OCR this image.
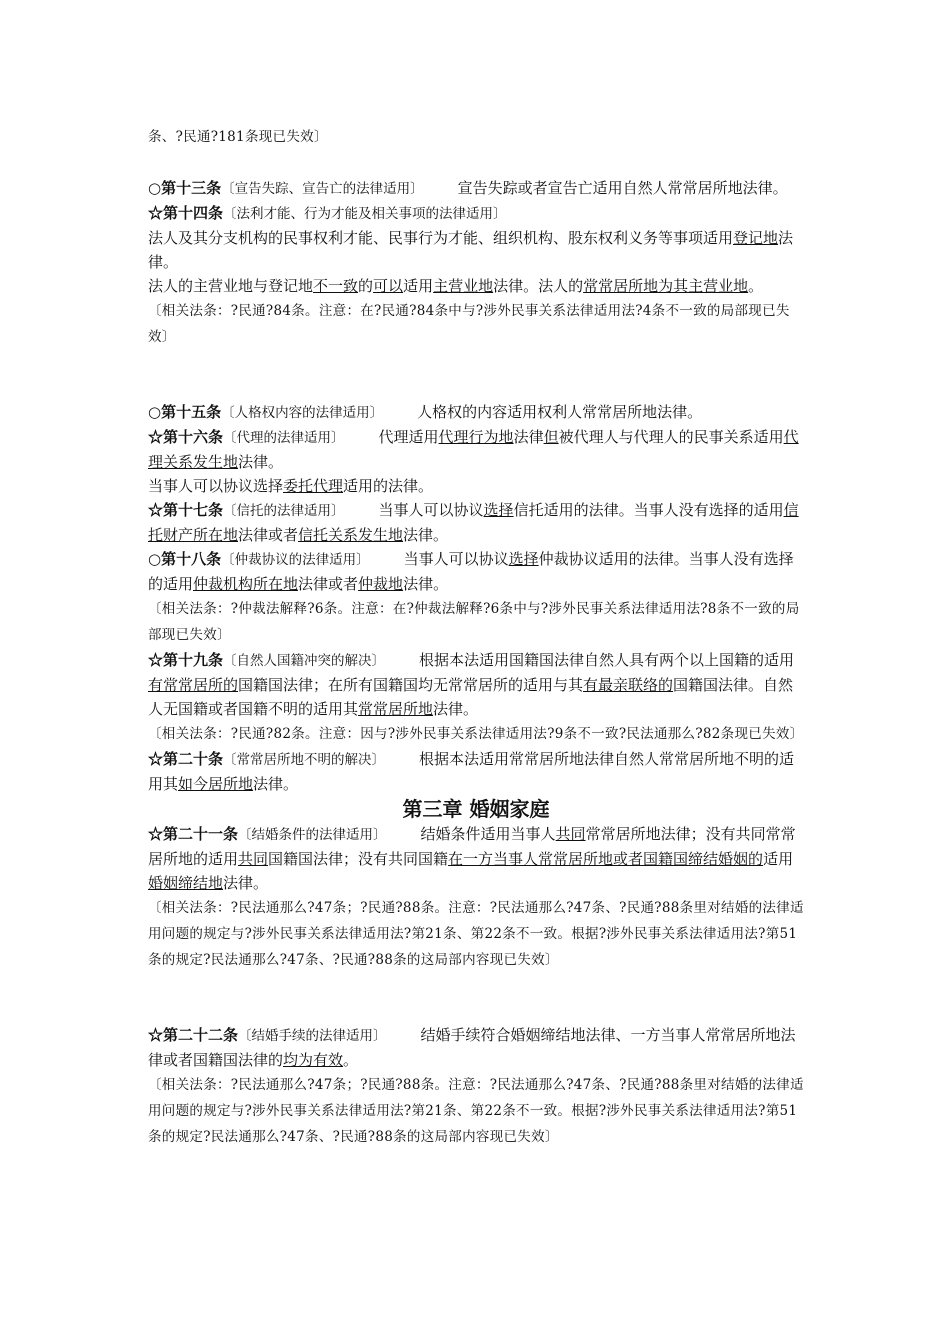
条、?民通?181条现已失效〕

○第十三条〔宣告失踪、宣告亡的法律适用〕 宣告失踪或者宣告亡适用自然人常常居所地法律。

☆第十四条〔法利才能、行为才能及相关事项的法律适用〕

法人及其分支机构的民事权利才能、民事行为才能、组织机构、股东权利义务等事项适用登记地法律。

法人的主营业地与登记地不一致的可以适用主营业地法律。法人的常常居所地为其主营业地。

〔相关法条：?民通?84条。注意：在?民通?84条中与?涉外民事关系法律适用法?4条不一致的局部现已失效〕

○第十五条〔人格权内容的法律适用〕 人格权的内容适用权利人常常居所地法律。

☆第十六条〔代理的法律适用〕 代理适用代理行为地法律但被代理人与代理人的民事关系适用代理关系发生地法律。

当事人可以协议选择委托代理适用的法律。

☆第十七条〔信托的法律适用〕 当事人可以协议选择信托适用的法律。当事人没有选择的适用信托财产所在地法律或者信托关系发生地法律。

○第十八条〔仲裁协议的法律适用〕 当事人可以协议选择仲裁协议适用的法律。当事人没有选择的适用仲裁机构所在地法律或者仲裁地法律。

〔相关法条：?仲裁法解释?6条。注意：在?仲裁法解释?6条中与?涉外民事关系法律适用法?8条不一致的局部现已失效〕

☆第十九条〔自然人国籍冲突的解决〕 根据本法适用国籍国法律自然人具有两个以上国籍的适用有常常居所的国籍国法律；在所有国籍国均无常常居所的适用与其有最亲联络的国籍国法律。自然人无国籍或者国籍不明的适用其常常居所地法律。

〔相关法条：?民通?82条。注意：因与?涉外民事关系法律适用法?9条不一致?民法通那么?82条现已失效〕

☆第二十条〔常常居所地不明的解决〕 根据本法适用常常居所地法律自然人常常居所地不明的适用其如今居所地法律。

第三章 婚姻家庭

☆第二十一条〔结婚条件的法律适用〕 结婚条件适用当事人共同常常居所地法律；没有共同常常居所地的适用共同国籍国法律；没有共同国籍在一方当事人常常居所地或者国籍国缔结婚姻的适用婚姻缔结地法律。

〔相关法条：?民法通那么?47条；?民通?88条。注意：?民法通那么?47条、?民通?88条里对结婚的法律适用问题的规定与?涉外民事关系法律适用法?第21条、第22条不一致。根据?涉外民事关系法律适用法?第51条的规定?民法通那么?47条、?民通?88条的这局部内容现已失效〕

☆第二十二条〔结婚手续的法律适用〕 结婚手续符合婚姻缔结地法律、一方当事人常常居所地法律或者国籍国法律的均为有效。

〔相关法条：?民法通那么?47条；?民通?88条。注意：?民法通那么?47条、?民通?88条里对结婚的法律适用问题的规定与?涉外民事关系法律适用法?第21条、第22条不一致。根据?涉外民事关系法律适用法?第51条的规定?民法通那么?47条、?民通?88条的这局部内容现已失效〕
